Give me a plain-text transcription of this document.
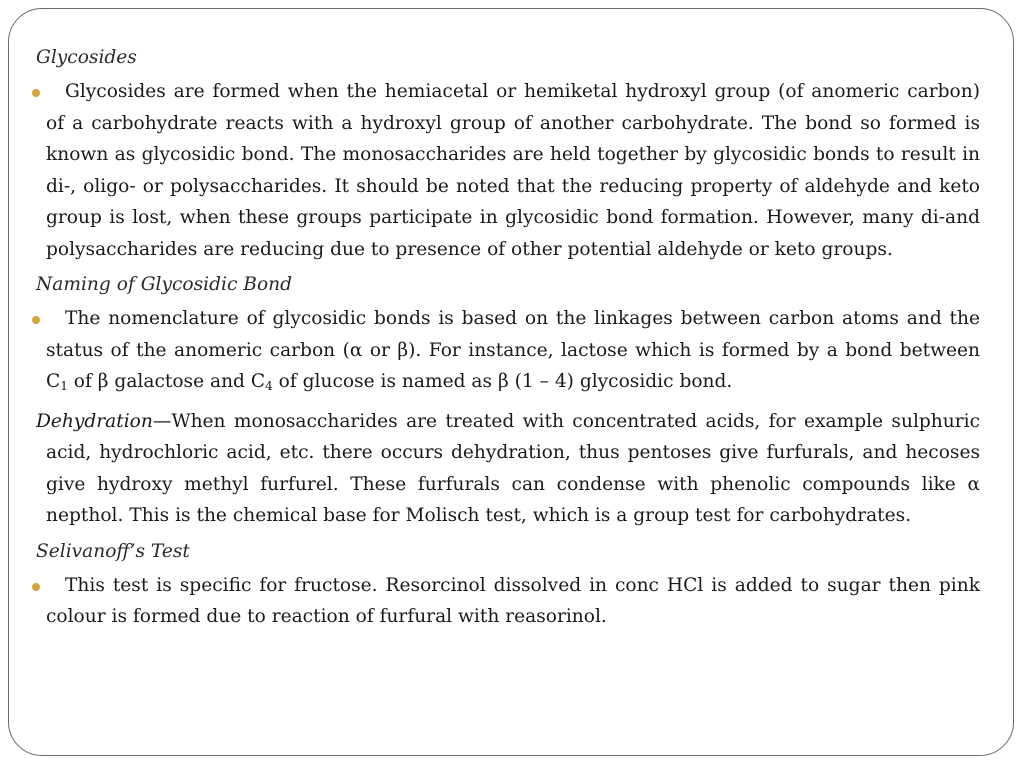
Glycosides

Glycosides are formed when the hemiacetal or hemiketal hydroxyl group (of anomeric carbon) of a carbohydrate reacts with a hydroxyl group of another carbohydrate. The bond so formed is known as glycosidic bond. The monosaccharides are held together by glycosidic bonds to result in di-, oligo- or polysaccharides. It should be noted that the reducing property of aldehyde and keto group is lost, when these groups participate in glycosidic bond formation. However, many di-and polysaccharides are reducing due to presence of other potential aldehyde or keto groups.

Naming of Glycosidic Bond

The nomenclature of glycosidic bonds is based on the linkages between carbon atoms and the status of the anomeric carbon (α or β). For instance, lactose which is formed by a bond between $C_1$ of β galactose and $C_4$ of glucose is named as β (1 – 4) glycosidic bond.

Dehydration—When monosaccharides are treated with concentrated acids, for example sulphuric acid, hydrochloric acid, etc. there occurs dehydration, thus pentoses give furfurals, and hecoses give hydroxy methyl furfurel. These furfurals can condense with phenolic compounds like α nepthol. This is the chemical base for Molisch test, which is a group test for carbohydrates.

Selivanoff’s Test

This test is specific for fructose. Resorcinol dissolved in conc HCl is added to sugar then pink colour is formed due to reaction of furfural with reasorinol.
